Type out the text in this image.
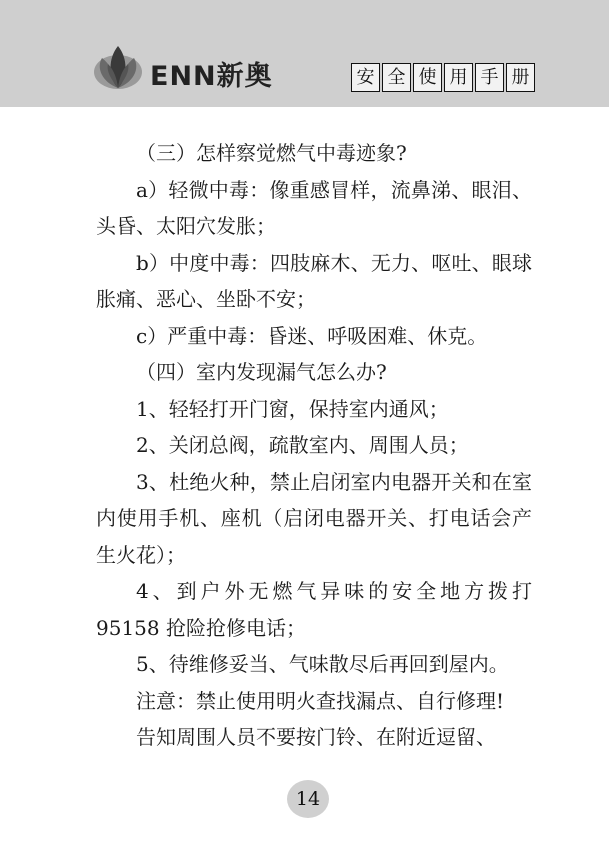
ENN新奥	安 全 使 用 手 册

（三）怎样察觉燃气中毒迹象?

a）轻微中毒：像重感冒样，流鼻涕、眼泪、头昏、太阳穴发胀；

b）中度中毒：四肢麻木、无力、呕吐、眼球胀痛、恶心、坐卧不安；

c）严重中毒：昏迷、呼吸困难、休克。

（四）室内发现漏气怎么办?

1、轻轻打开门窗，保持室内通风；

2、关闭总阀，疏散室内、周围人员；

3、杜绝火种，禁止启闭室内电器开关和在室内使用手机、座机（启闭电器开关、打电话会产生火花）；

4、到户外无燃气异味的安全地方拨打95158 抢险抢修电话；

5、待维修妥当、气味散尽后再回到屋内。

注意：禁止使用明火查找漏点、自行修理!

告知周围人员不要按门铃、在附近逗留、

14
